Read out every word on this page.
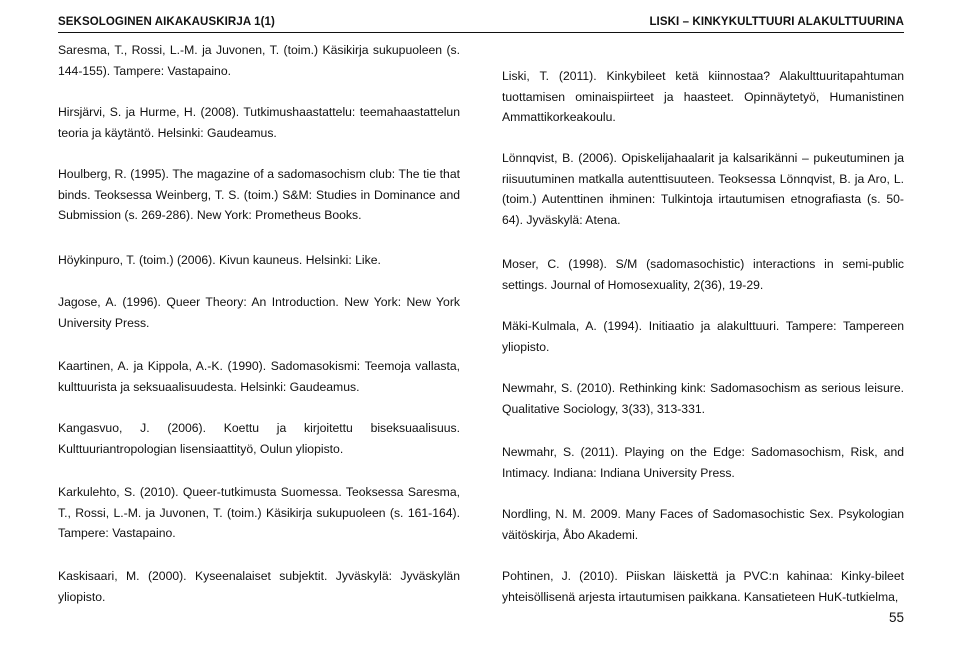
SEKSOLOGINEN AIKAKAUSKIRJA 1(1)	LISKI – KINKYKULTTUURI ALAKULTTUURINA

Saresma, T., Rossi, L.-M. ja Juvonen, T. (toim.) Käsikirja sukupuoleen (s. 144-155). Tampere: Vastapaino.

Hirsjärvi, S. ja Hurme, H. (2008). Tutkimushaastattelu: teemahaastattelun teoria ja käytäntö. Helsinki: Gaudeamus.

Houlberg, R. (1995). The magazine of a sadomasochism club: The tie that binds. Teoksessa Weinberg, T. S. (toim.) S&M: Studies in Dominance and Submission (s. 269-286). New York: Prometheus Books.

Höykinpuro, T. (toim.) (2006). Kivun kauneus. Helsinki: Like.

Jagose, A. (1996). Queer Theory: An Introduction. New York: New York University Press.

Kaartinen, A. ja Kippola, A.-K. (1990). Sadomasokismi: Teemoja vallasta, kulttuurista ja seksuaalisuudesta. Helsinki: Gaudeamus.

Kangasvuo, J. (2006). Koettu ja kirjoitettu biseksuaalisuus. Kulttuuriantropologian lisensiaattityö, Oulun yliopisto.

Karkulehto, S. (2010). Queer-tutkimusta Suomessa. Teoksessa Saresma, T., Rossi, L.-M. ja Juvonen, T. (toim.) Käsikirja sukupuoleen (s. 161-164). Tampere: Vastapaino.

Kaskisaari, M. (2000). Kyseenalaiset subjektit. Jyväskylä: Jyväskylän yliopisto.

Liski, T. (2011). Kinkybileet ketä kiinnostaa? Alakulttuuritapahtuman tuottamisen ominaispiirteet ja haasteet. Opinnäytetyö, Humanistinen Ammattikorkeakoulu.

Lönnqvist, B. (2006). Opiskelijahaalarit ja kalsarikänni – pukeutuminen ja riisuutuminen matkalla autenttisuuteen. Teoksessa Lönnqvist, B. ja Aro, L. (toim.) Autenttinen ihminen: Tulkintoja irtautumisen etnografiasta (s. 50-64). Jyväskylä: Atena.

Moser, C. (1998). S/M (sadomasochistic) interactions in semi-public settings. Journal of Homosexuality, 2(36), 19-29.

Mäki-Kulmala, A. (1994). Initiaatio ja alakulttuuri. Tampere: Tampereen yliopisto.

Newmahr, S. (2010). Rethinking kink: Sadomasochism as serious leisure. Qualitative Sociology, 3(33), 313-331.

Newmahr, S. (2011). Playing on the Edge: Sadomasochism, Risk, and Intimacy. Indiana: Indiana University Press.

Nordling, N. M. 2009. Many Faces of Sadomasochistic Sex. Psykologian väitöskirja, Åbo Akademi.

Pohtinen, J. (2010). Piiskan läiskettä ja PVC:n kahinaa: Kinky-bileet yhteisöllisenä arjesta irtautumisen paikkana. Kansatieteen HuK-tutkielma,

55
